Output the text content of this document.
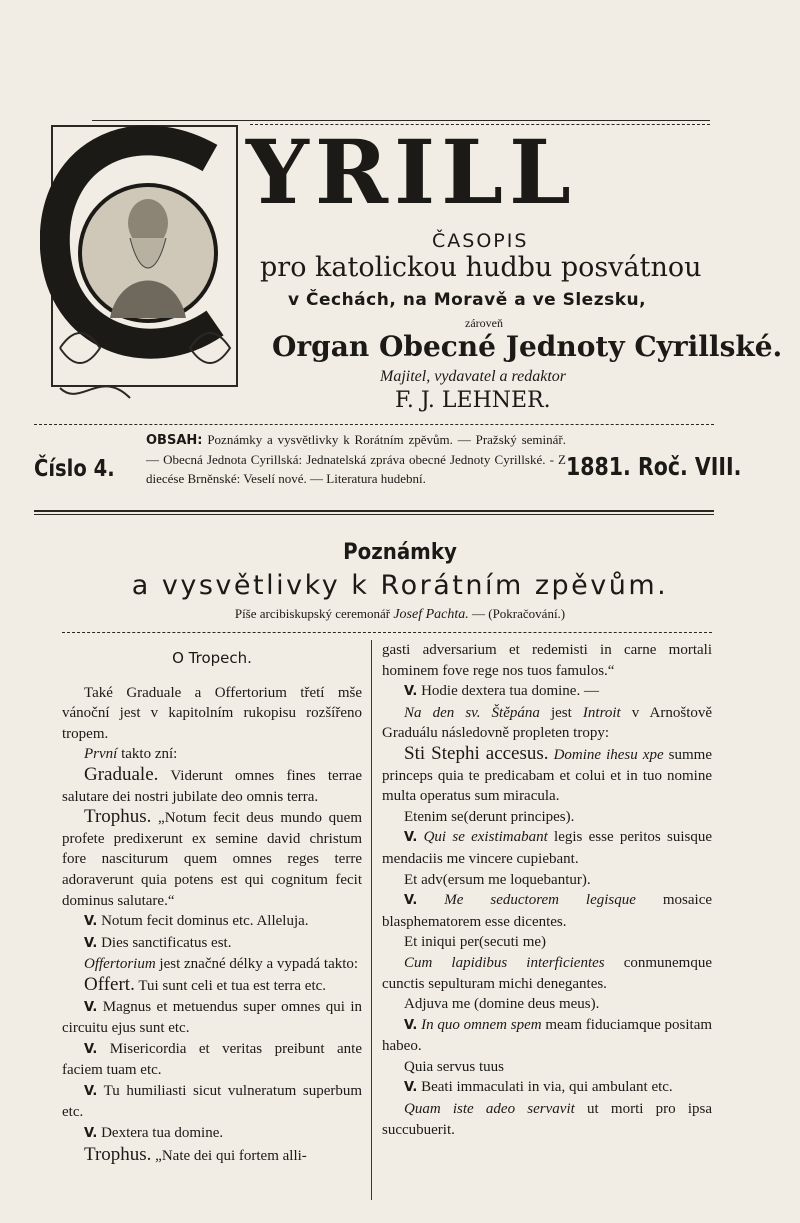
YRILL
ČASOPIS
pro katolickou hudbu posvátnou
v Čechách, na Moravě a ve Slezsku,
zároveň
Organ Obecné Jednoty Cyrillské.
Majitel, vydavatel a redaktor
F. J. LEHNER.
Číslo 4.
OBSAH: Poznámky a vysvětlivky k Rorátním zpěvům. — Pražský seminář. — Obecná Jednota Cyrillská: Jednatelská zpráva obecné Jednoty Cyrillské. - Z diecése Brněnské: Veselí nové. — Literatura hudební.	1881. Roč. VIII.
Poznámky
a vysvětlivky k Rorátním zpěvům.
Píše arcibiskupský ceremonář Josef Pachta. — (Pokračování.)

O Tropech.

Také Graduale a Offertorium třetí mše vánoční jest v kapitolním rukopisu rozšířeno tropem.

První takto zní:

Graduale. Viderunt omnes fines terrae salutare dei nostri jubilate deo omnis terra.

Trophus. „Notum fecit deus mundo quem profete predixerunt ex semine david christum fore nasciturum quem omnes reges terre adoraverunt quia potens est qui cognitum fecit dominus salutare.“

V. Notum fecit dominus etc. Alleluja.

V. Dies sanctificatus est.

Offertorium jest značné délky a vypadá takto:

Offert. Tui sunt celi et tua est terra etc.

V. Magnus et metuendus super omnes qui in circuitu ejus sunt etc.

V. Misericordia et veritas preibunt ante faciem tuam etc.

V. Tu humiliasti sicut vulneratum superbum etc.

V. Dextera tua domine.

Trophus. „Nate dei qui fortem alli-

gasti adversarium et redemisti in carne mortali hominem fove rege nos tuos famulos.“

V. Hodie dextera tua domine. —

Na den sv. Štěpána jest Introit v Arnoštově Graduálu následovně propleten tropy:

Sti Stephi accesus. Domine ihesu xpe summe princeps quia te predicabam et colui et in tuo nomine multa operatus sum miracula.

Etenim se(derunt principes).

V. Qui se existimabant legis esse peritos suisque mendaciis me vincere cupiebant.

Et adv(ersum me loquebantur).

V. Me seductorem legisque mosaice blasphematorem esse dicentes.

Et iniqui per(secuti me)

Cum lapidibus interficientes conmunemque cunctis sepulturam michi denegantes.

Adjuva me (domine deus meus).

V. In quo omnem spem meam fiduciamque positam habeo.

Quia servus tuus

V. Beati immaculati in via, qui ambulant etc.

Quam iste adeo servavit ut morti pro ipsa succubuerit.
